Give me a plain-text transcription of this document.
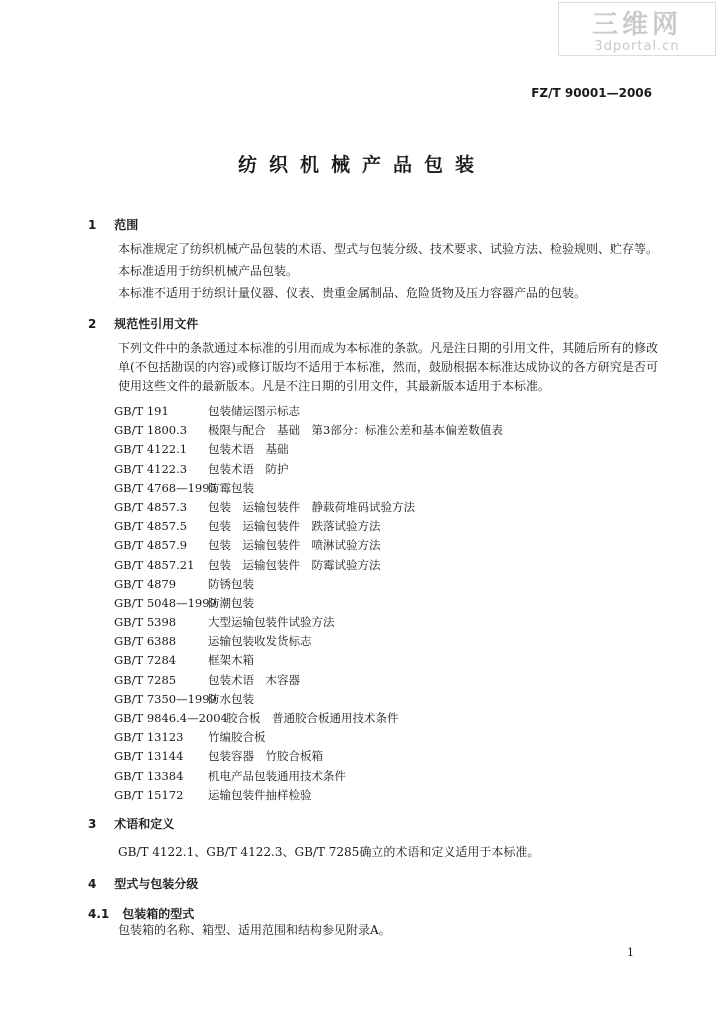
三维网
3dportal.cn
FZ/T 90001—2006
纺织机械产品包装
1 范围
本标准规定了纺织机械产品包装的术语、型式与包装分级、技术要求、试验方法、检验规则、贮存等。
本标准适用于纺织机械产品包装。
本标准不适用于纺织计量仪器、仪表、贵重金属制品、危险货物及压力容器产品的包装。
2 规范性引用文件
下列文件中的条款通过本标准的引用而成为本标准的条款。凡是注日期的引用文件，其随后所有的修改单(不包括勘误的内容)或修订版均不适用于本标准，然而，鼓励根据本标准达成协议的各方研究是否可使用这些文件的最新版本。凡是不注日期的引用文件，其最新版本适用于本标准。
GB/T 191	包装储运图示标志
GB/T 1800.3 极限与配合　基础　第3部分：标准公差和基本偏差数值表
GB/T 4122.1 包装术语　基础
GB/T 4122.3 包装术语　防护
GB/T 4768—1995防霉包装
GB/T 4857.3 包装　运输包装件　静载荷堆码试验方法
GB/T 4857.5 包装　运输包装件　跌落试验方法
GB/T 4857.9 包装　运输包装件　喷淋试验方法
GB/T 4857.21 包装　运输包装件　防霉试验方法
GB/T 4879	防锈包装
GB/T 5048—1999防潮包装
GB/T 5398	大型运输包装件试验方法
GB/T 6388	运输包装收发货标志
GB/T 7284	框架木箱
GB/T 7285	包装术语　木容器
GB/T 7350—1999防水包装
GB/T 9846.4—2004胶合板　普通胶合板通用技术条件
GB/T 13123 竹编胶合板
GB/T 13144 包装容器　竹胶合板箱
GB/T 13384 机电产品包装通用技术条件
GB/T 15172 运输包装件抽样检验
3 术语和定义
GB/T 4122.1、GB/T 4122.3、GB/T 7285确立的术语和定义适用于本标准。
4 型式与包装分级
4.1 包装箱的型式
包装箱的名称、箱型、适用范围和结构参见附录A。
1
